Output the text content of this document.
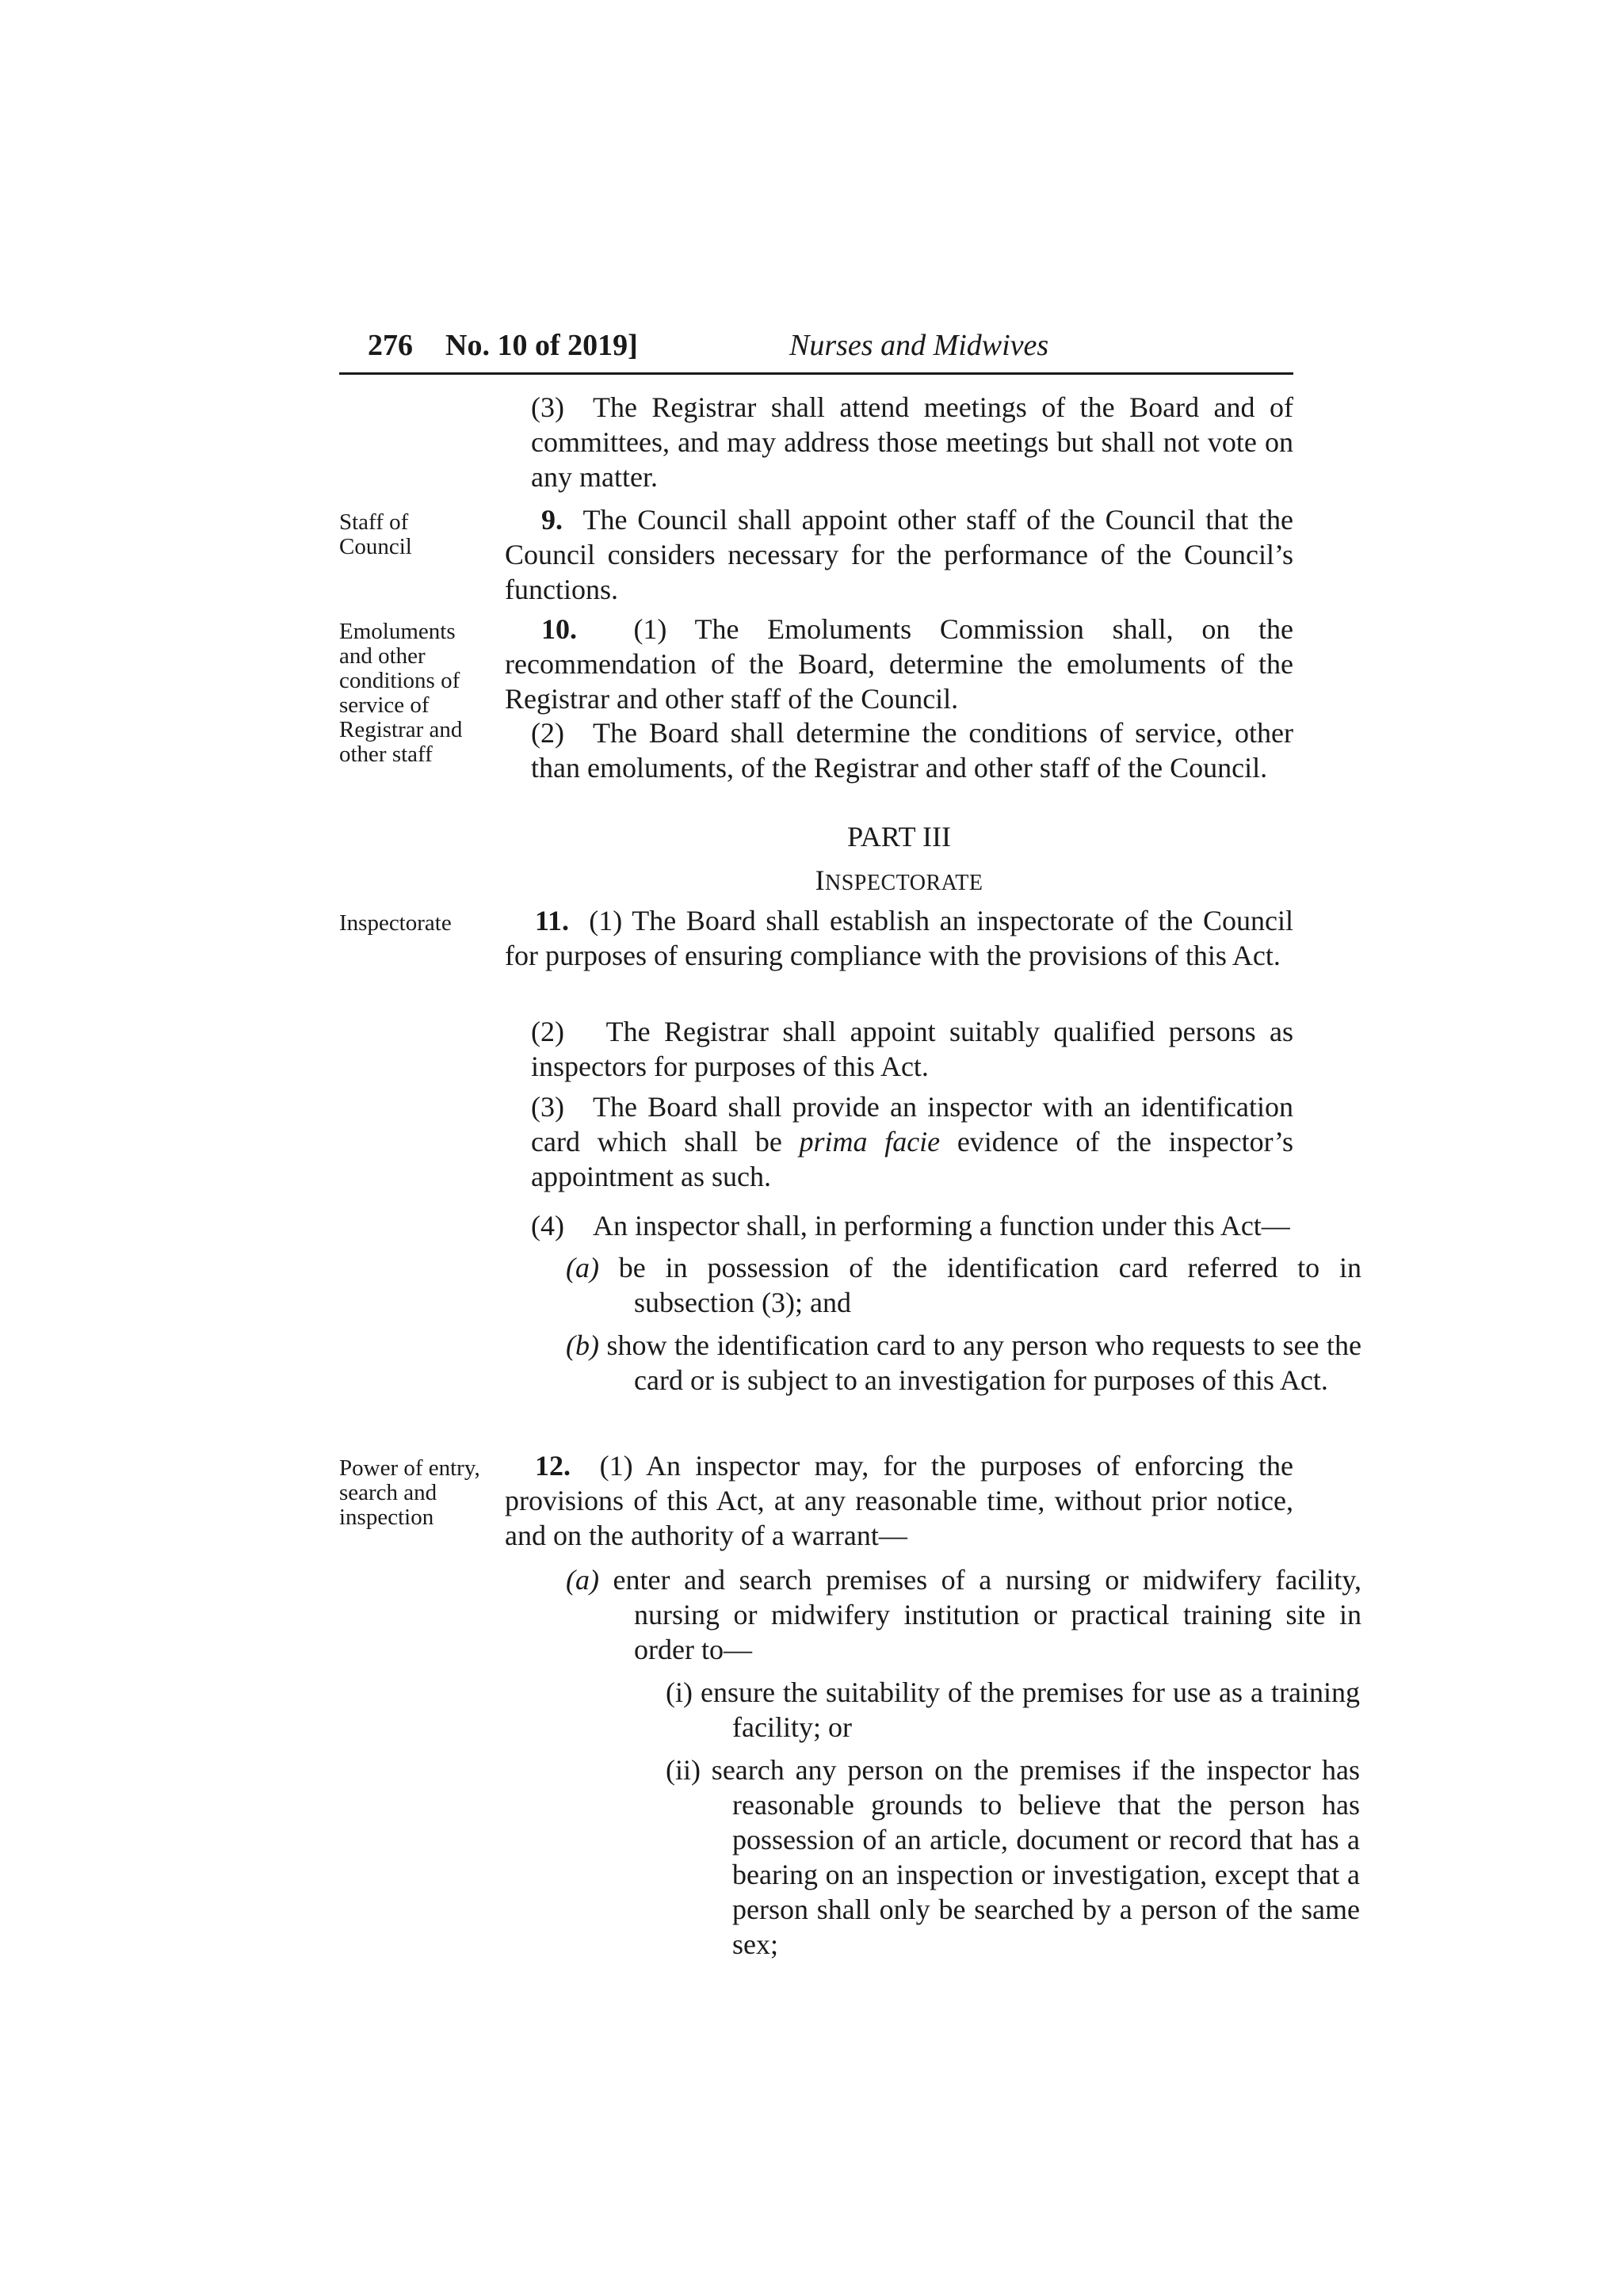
276 No. 10 of 2019]	Nurses and Midwives
(3) The Registrar shall attend meetings of the Board and of committees, and may address those meetings but shall not vote on any matter.
Staff of Council
9. The Council shall appoint other staff of the Council that the Council considers necessary for the performance of the Council’s functions.
Emoluments and other conditions of service of Registrar and other staff
10. (1) The Emoluments Commission shall, on the recommendation of the Board, determine the emoluments of the Registrar and other staff of the Council.
(2) The Board shall determine the conditions of service, other than emoluments, of the Registrar and other staff of the Council.
PART III
INSPECTORATE
Inspectorate	11. (1) The Board shall establish an inspectorate of the Council for purposes of ensuring compliance with the provisions of this Act.
(2)  The Registrar shall appoint suitably qualified persons as inspectors for purposes of this Act.
(3) The Board shall provide an inspector with an identification card which shall be prima facie evidence of the inspector’s appointment as such.
(4) An inspector shall, in performing a function under this Act—
(a) be in possession of the identification card referred to in subsection (3); and
(b) show the identification card to any person who requests to see the card or is subject to an investigation for purposes of this Act.
Power of entry, search and inspection
12. (1) An inspector may, for the purposes of enforcing the provisions of this Act, at any reasonable time, without prior notice, and on the authority of a warrant—
(a) enter and search premises of a nursing or midwifery facility, nursing or midwifery institution or practical training site in order to—
(i) ensure the suitability of the premises for use as a training facility; or
(ii) search any person on the premises if the inspector has reasonable grounds to believe that the person has possession of an article, document or record that has a bearing on an inspection or investigation, except that a person shall only be searched by a person of the same sex;
